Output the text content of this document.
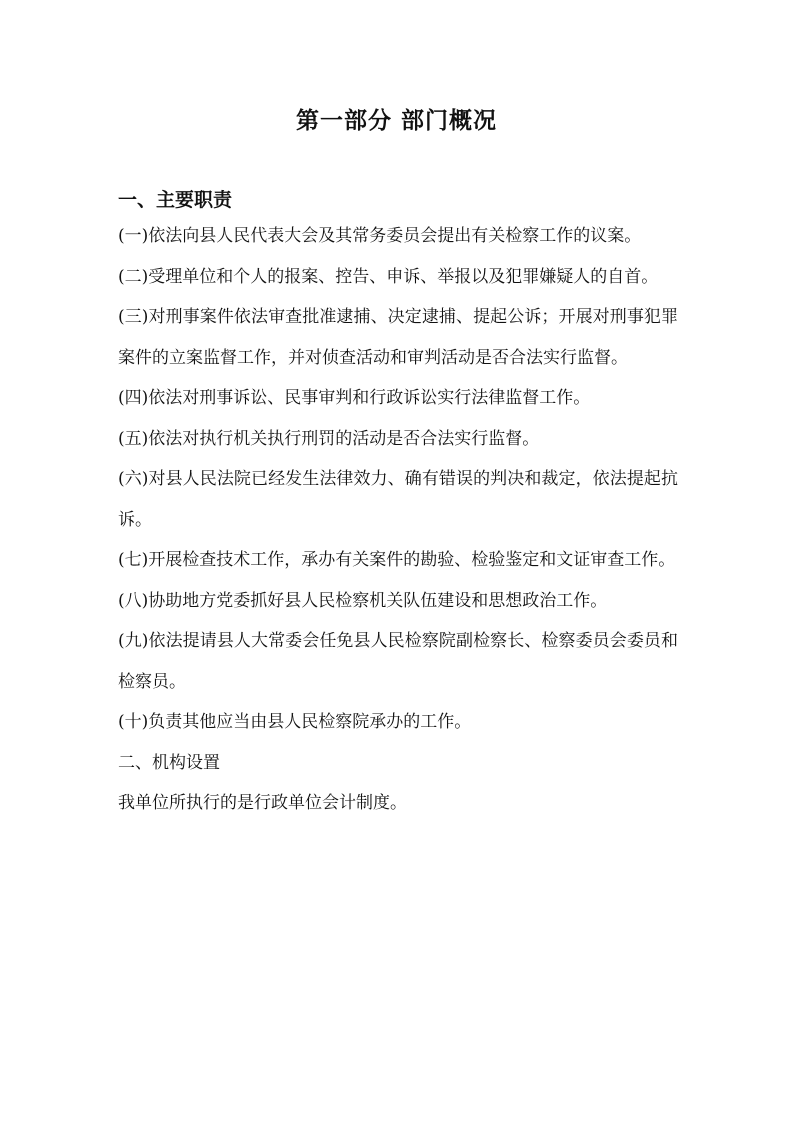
第一部分 部门概况

一、主要职责

(一)依法向县人民代表大会及其常务委员会提出有关检察工作的议案。

(二)受理单位和个人的报案、控告、申诉、举报以及犯罪嫌疑人的自首。

(三)对刑事案件依法审查批准逮捕、决定逮捕、提起公诉；开展对刑事犯罪案件的立案监督工作，并对侦查活动和审判活动是否合法实行监督。

(四)依法对刑事诉讼、民事审判和行政诉讼实行法律监督工作。

(五)依法对执行机关执行刑罚的活动是否合法实行监督。

(六)对县人民法院已经发生法律效力、确有错误的判决和裁定，依法提起抗诉。

(七)开展检查技术工作，承办有关案件的勘验、检验鉴定和文证审查工作。

(八)协助地方党委抓好县人民检察机关队伍建设和思想政治工作。

(九)依法提请县人大常委会任免县人民检察院副检察长、检察委员会委员和检察员。

(十)负责其他应当由县人民检察院承办的工作。

二、机构设置

我单位所执行的是行政单位会计制度。
